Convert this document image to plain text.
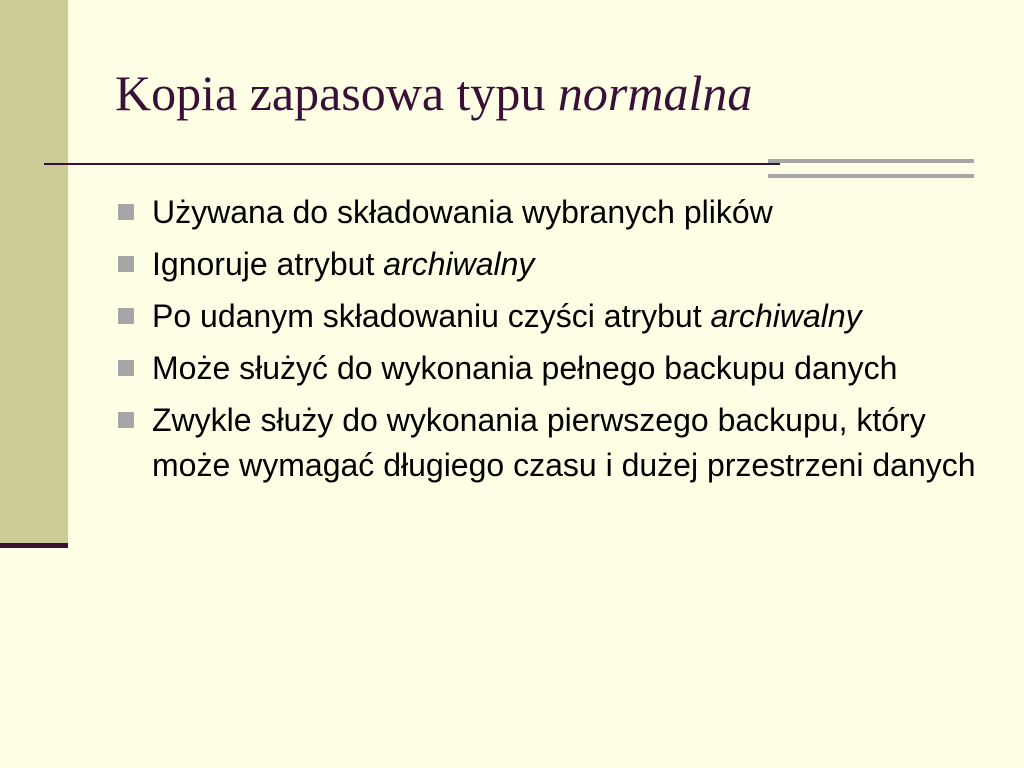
Kopia zapasowa typu normalna
Używana do składowania wybranych plików
Ignoruje atrybut archiwalny
Po udanym składowaniu czyści atrybut archiwalny
Może służyć do wykonania pełnego backupu danych
Zwykle służy do wykonania pierwszego backupu, który może wymagać długiego czasu i dużej przestrzeni danych
